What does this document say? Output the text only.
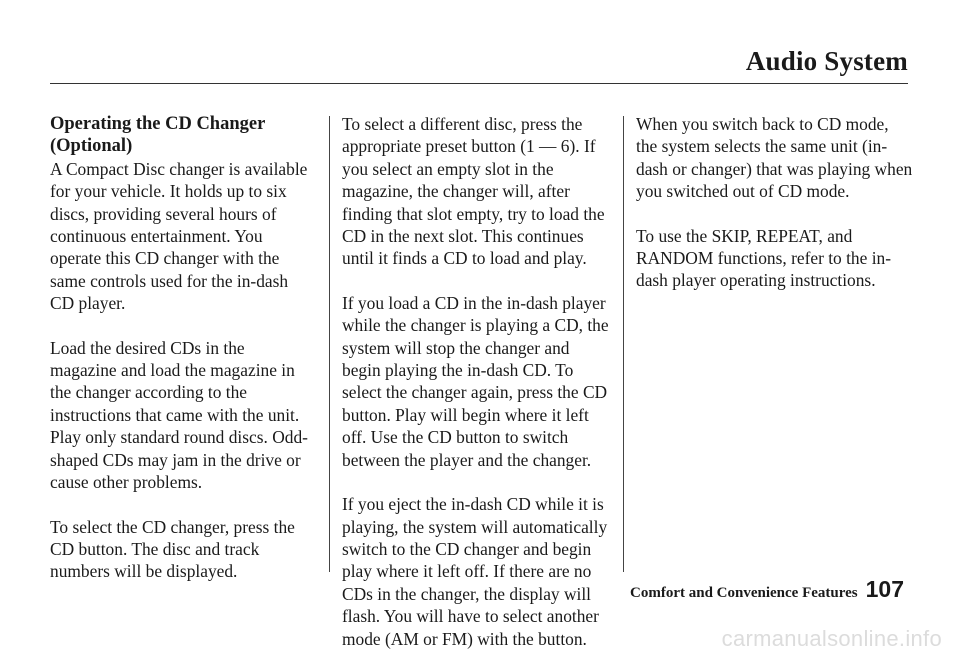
Audio System
Operating the CD Changer
(Optional)

A Compact Disc changer is available for your vehicle. It holds up to six discs, providing several hours of continuous entertainment. You operate this CD changer with the same controls used for the in-dash CD player.

Load the desired CDs in the magazine and load the magazine in the changer according to the instructions that came with the unit. Play only standard round discs. Odd-shaped CDs may jam in the drive or cause other problems.

To select the CD changer, press the CD button. The disc and track numbers will be displayed.

To select a different disc, press the appropriate preset button (1 — 6). If you select an empty slot in the magazine, the changer will, after finding that slot empty, try to load the CD in the next slot. This continues until it finds a CD to load and play.

If you load a CD in the in-dash player while the changer is playing a CD, the system will stop the changer and begin playing the in-dash CD. To select the changer again, press the CD button. Play will begin where it left off. Use the CD button to switch between the player and the changer.

If you eject the in-dash CD while it is playing, the system will automatically switch to the CD changer and begin play where it left off. If there are no CDs in the changer, the display will flash. You will have to select another mode (AM or FM) with the button.

When you switch back to CD mode, the system selects the same unit (in-dash or changer) that was playing when you switched out of CD mode.

To use the SKIP, REPEAT, and RANDOM functions, refer to the in-dash player operating instructions.

Comfort and Convenience Features 107
carmanualsonline.info
